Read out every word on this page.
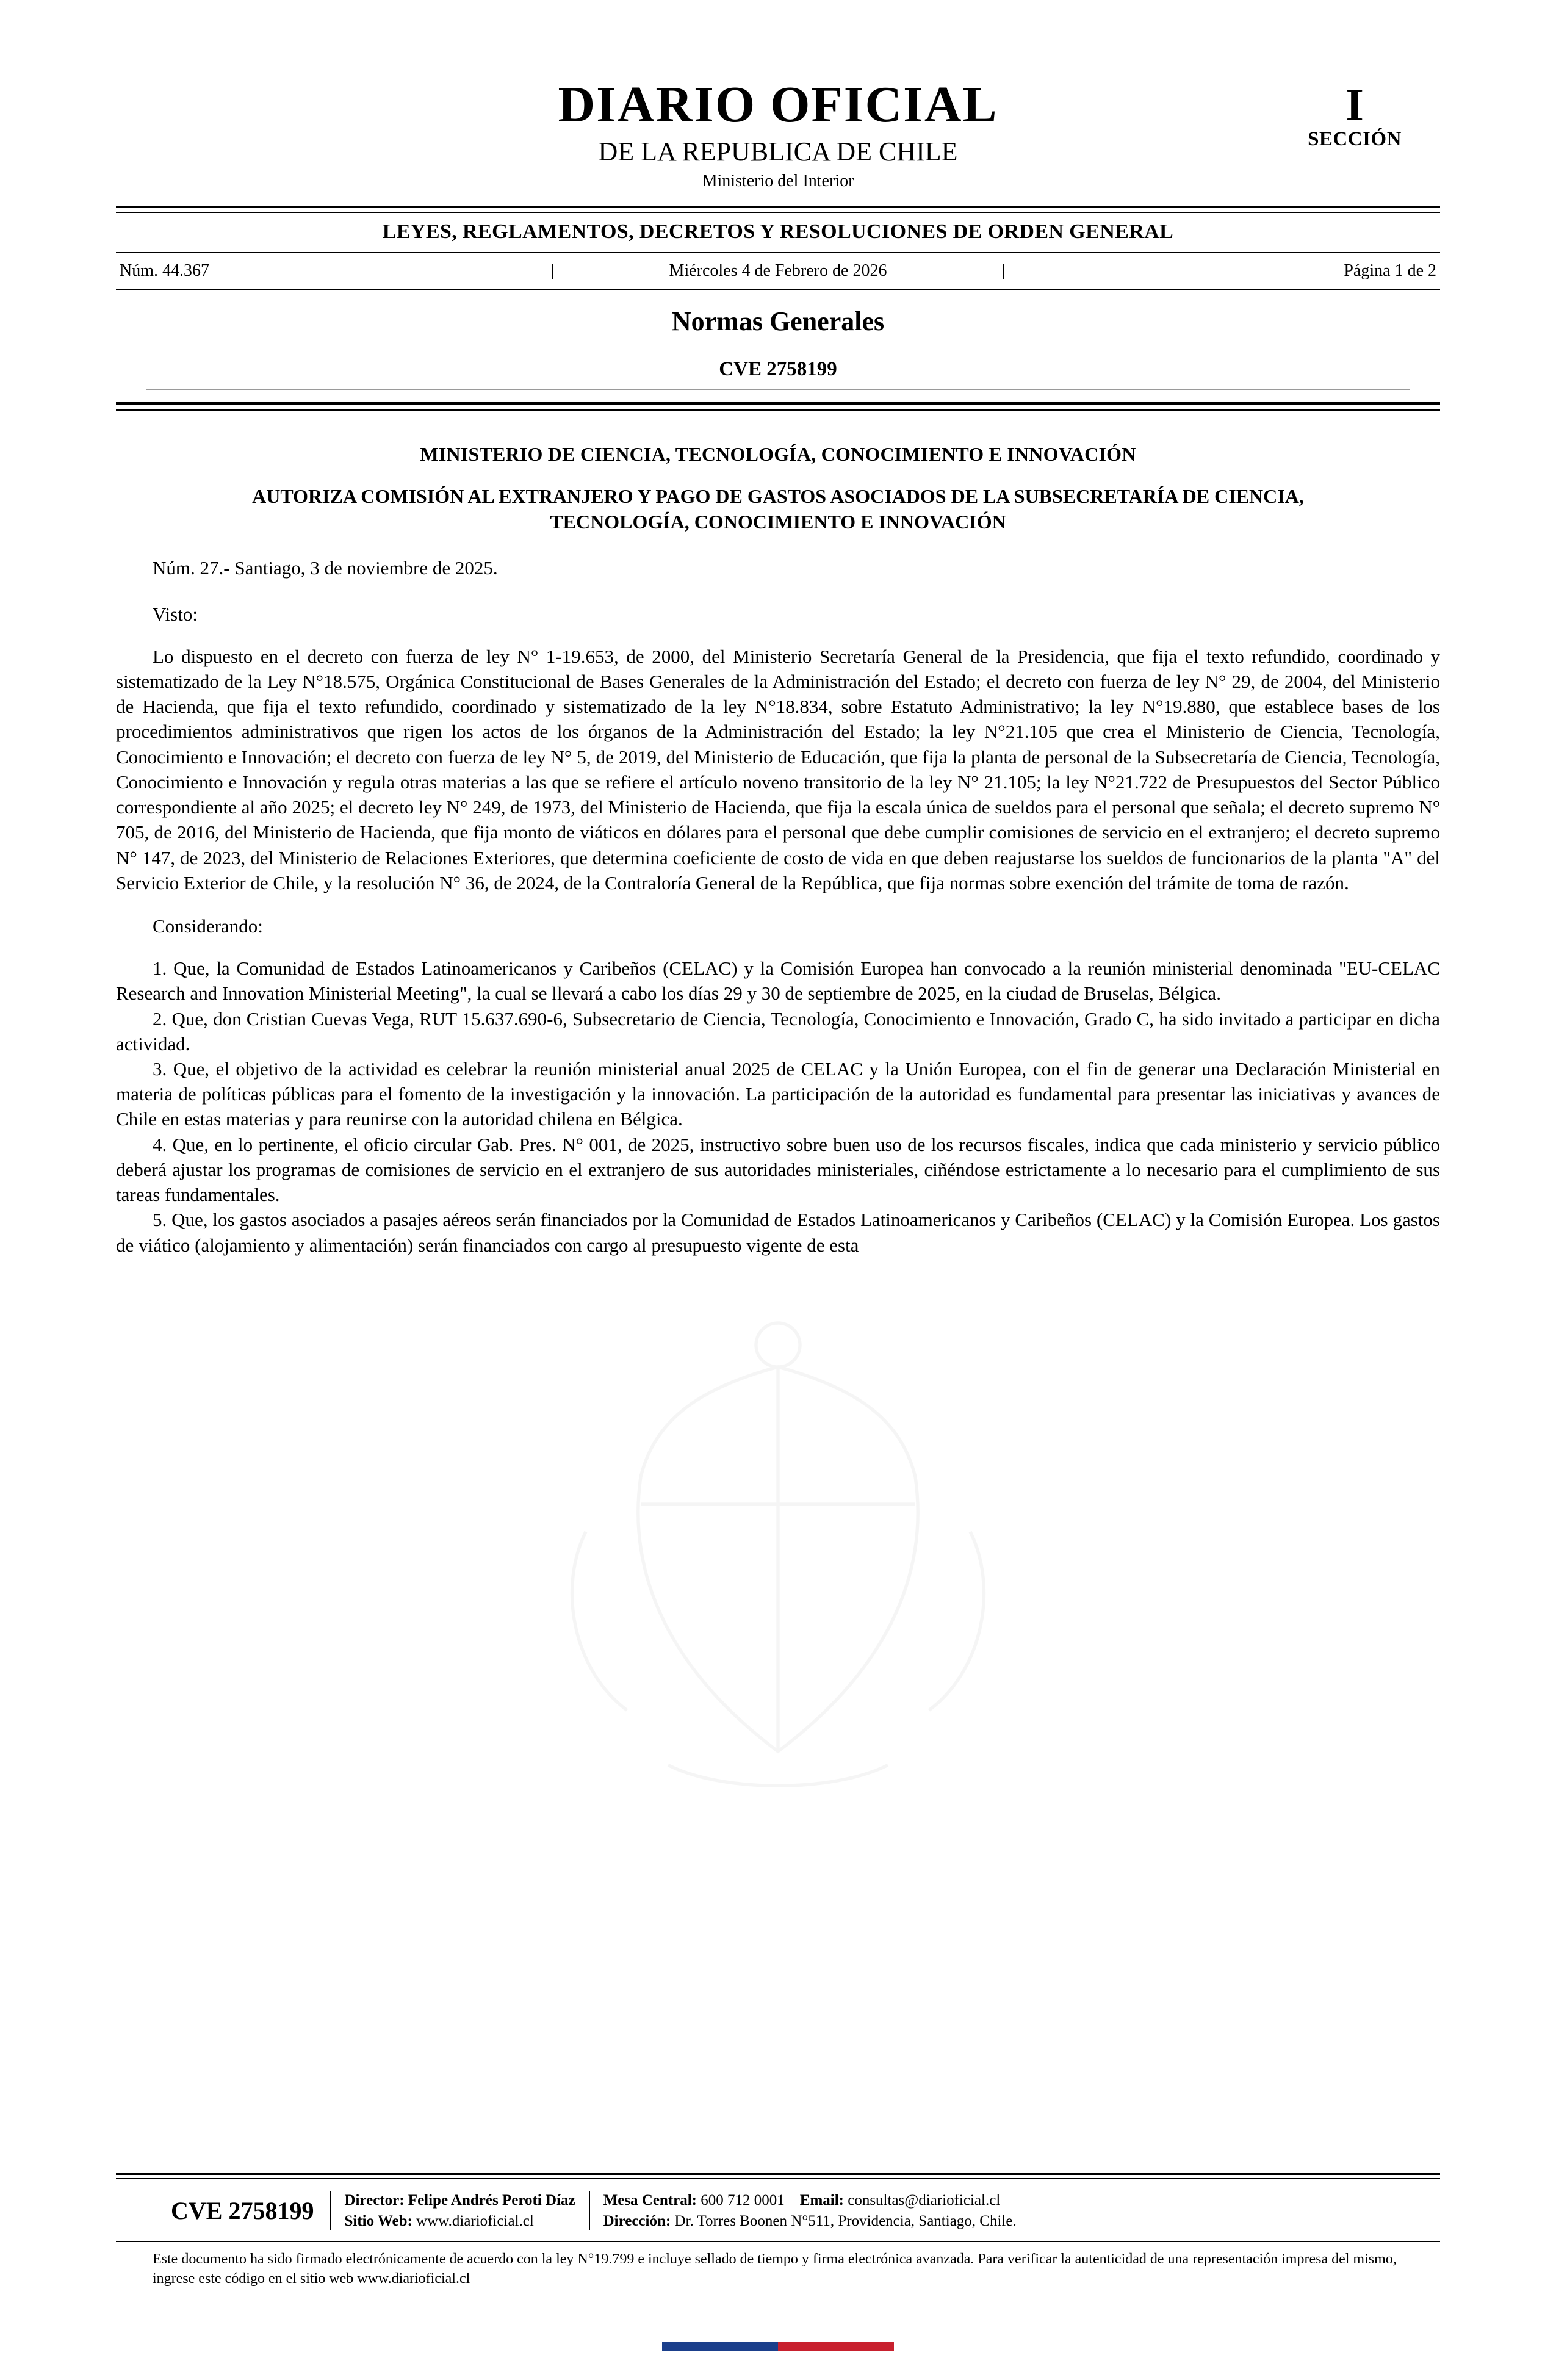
DIARIO OFICIAL
DE LA REPUBLICA DE CHILE
Ministerio del Interior
I
SECCIÓN
LEYES, REGLAMENTOS, DECRETOS Y RESOLUCIONES DE ORDEN GENERAL
Núm. 44.367	|	Miércoles 4 de Febrero de 2026	|	Página 1 de 2
Normas Generales
CVE 2758199
MINISTERIO DE CIENCIA, TECNOLOGÍA, CONOCIMIENTO E INNOVACIÓN
AUTORIZA COMISIÓN AL EXTRANJERO Y PAGO DE GASTOS ASOCIADOS DE LA SUBSECRETARÍA DE CIENCIA, TECNOLOGÍA, CONOCIMIENTO E INNOVACIÓN
Núm. 27.- Santiago, 3 de noviembre de 2025.
Visto:

Lo dispuesto en el decreto con fuerza de ley N° 1-19.653, de 2000, del Ministerio Secretaría General de la Presidencia, que fija el texto refundido, coordinado y sistematizado de la Ley N°18.575, Orgánica Constitucional de Bases Generales de la Administración del Estado; el decreto con fuerza de ley N° 29, de 2004, del Ministerio de Hacienda, que fija el texto refundido, coordinado y sistematizado de la ley N°18.834, sobre Estatuto Administrativo; la ley N°19.880, que establece bases de los procedimientos administrativos que rigen los actos de los órganos de la Administración del Estado; la ley N°21.105 que crea el Ministerio de Ciencia, Tecnología, Conocimiento e Innovación; el decreto con fuerza de ley N° 5, de 2019, del Ministerio de Educación, que fija la planta de personal de la Subsecretaría de Ciencia, Tecnología, Conocimiento e Innovación y regula otras materias a las que se refiere el artículo noveno transitorio de la ley N° 21.105; la ley N°21.722 de Presupuestos del Sector Público correspondiente al año 2025; el decreto ley N° 249, de 1973, del Ministerio de Hacienda, que fija la escala única de sueldos para el personal que señala; el decreto supremo N° 705, de 2016, del Ministerio de Hacienda, que fija monto de viáticos en dólares para el personal que debe cumplir comisiones de servicio en el extranjero; el decreto supremo N° 147, de 2023, del Ministerio de Relaciones Exteriores, que determina coeficiente de costo de vida en que deben reajustarse los sueldos de funcionarios de la planta "A" del Servicio Exterior de Chile, y la resolución N° 36, de 2024, de la Contraloría General de la República, que fija normas sobre exención del trámite de toma de razón.

Considerando:

1. Que, la Comunidad de Estados Latinoamericanos y Caribeños (CELAC) y la Comisión Europea han convocado a la reunión ministerial denominada "EU-CELAC Research and Innovation Ministerial Meeting", la cual se llevará a cabo los días 29 y 30 de septiembre de 2025, en la ciudad de Bruselas, Bélgica.

2. Que, don Cristian Cuevas Vega, RUT 15.637.690-6, Subsecretario de Ciencia, Tecnología, Conocimiento e Innovación, Grado C, ha sido invitado a participar en dicha actividad.

3. Que, el objetivo de la actividad es celebrar la reunión ministerial anual 2025 de CELAC y la Unión Europea, con el fin de generar una Declaración Ministerial en materia de políticas públicas para el fomento de la investigación y la innovación. La participación de la autoridad es fundamental para presentar las iniciativas y avances de Chile en estas materias y para reunirse con la autoridad chilena en Bélgica.

4. Que, en lo pertinente, el oficio circular Gab. Pres. N° 001, de 2025, instructivo sobre buen uso de los recursos fiscales, indica que cada ministerio y servicio público deberá ajustar los programas de comisiones de servicio en el extranjero de sus autoridades ministeriales, ciñéndose estrictamente a lo necesario para el cumplimiento de sus tareas fundamentales.

5. Que, los gastos asociados a pasajes aéreos serán financiados por la Comunidad de Estados Latinoamericanos y Caribeños (CELAC) y la Comisión Europea. Los gastos de viático (alojamiento y alimentación) serán financiados con cargo al presupuesto vigente de esta

CVE 2758199	Director: Felipe Andrés Peroti Díaz
Sitio Web: www.diarioficial.cl
Mesa Central: 600 712 0001 Email: consultas@diarioficial.cl
Dirección: Dr. Torres Boonen N°511, Providencia, Santiago, Chile.
Este documento ha sido firmado electrónicamente de acuerdo con la ley N°19.799 e incluye sellado de tiempo y firma electrónica avanzada. Para verificar la autenticidad de una representación impresa del mismo, ingrese este código en el sitio web www.diarioficial.cl
